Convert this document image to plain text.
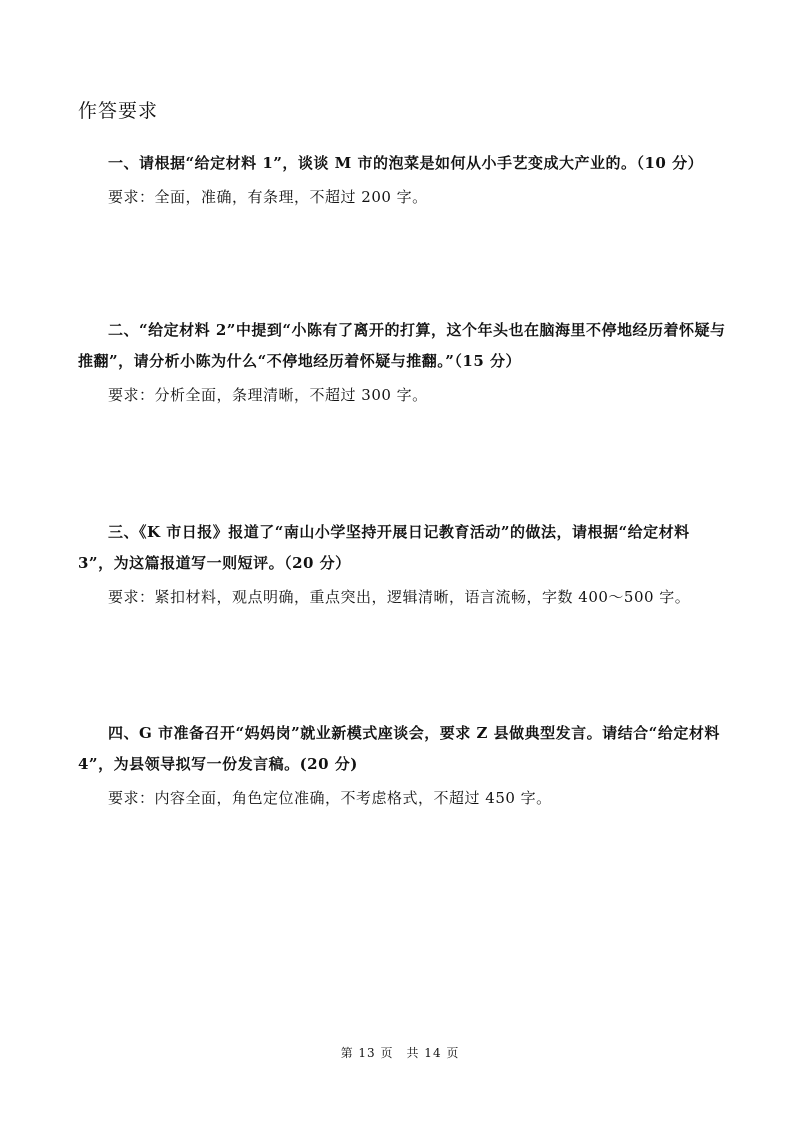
作答要求

一、请根据“给定材料 1”，谈谈 M 市的泡菜是如何从小手艺变成大产业的。（10 分）

要求：全面，准确，有条理，不超过 200 字。

二、“给定材料 2”中提到“小陈有了离开的打算，这个年头也在脑海里不停地经历着怀疑与推翻”，请分析小陈为什么“不停地经历着怀疑与推翻。”（15 分）

要求：分析全面，条理清晰，不超过 300 字。

三、《K 市日报》报道了“南山小学坚持开展日记教育活动”的做法，请根据“给定材料 3”，为这篇报道写一则短评。（20 分）

要求：紧扣材料，观点明确，重点突出，逻辑清晰，语言流畅，字数 400～500 字。

四、G 市准备召开“妈妈岗”就业新模式座谈会，要求 Z 县做典型发言。请结合“给定材料 4”，为县领导拟写一份发言稿。(20 分)

要求：内容全面，角色定位准确，不考虑格式，不超过 450 字。

第 13 页　共 14 页
